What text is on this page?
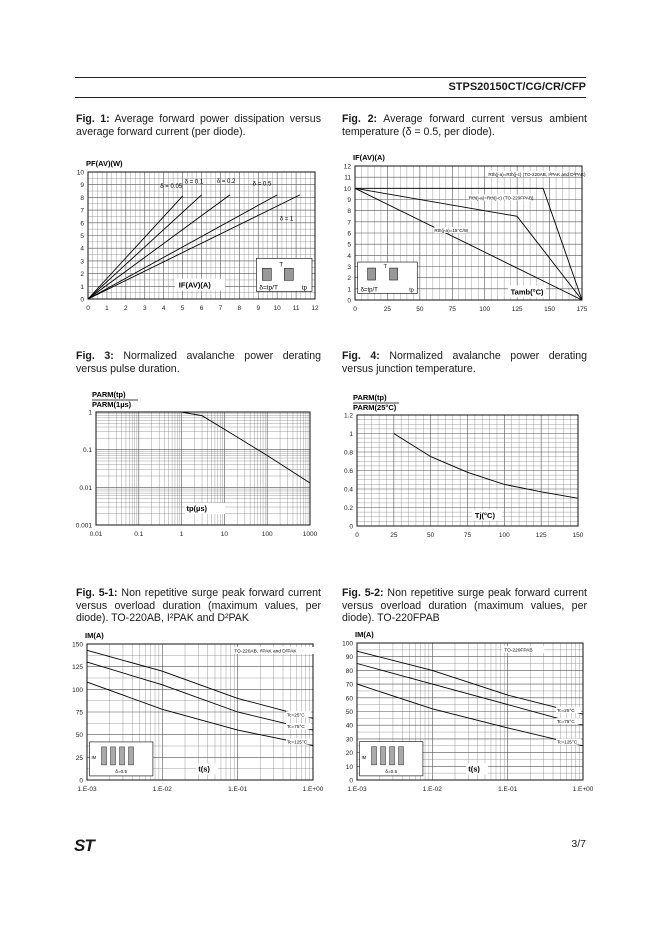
STPS20150CT/CG/CR/CFP
Fig. 1: Average forward power dissipation versus average forward current (per diode).
Fig. 2: Average forward current versus ambient temperature (δ = 0.5, per diode).
Fig. 3: Normalized avalanche power derating versus pulse duration.
Fig. 4: Normalized avalanche power derating versus junction temperature.
Fig. 5-1: Non repetitive surge peak forward current versus overload duration (maximum values, per diode). TO-220AB, I²PAK and D²PAK
Fig. 5-2: Non repetitive surge peak forward current versus overload duration (maximum values, per diode). TO-220FPAB
0 1 2 3 4 5 6 7 8 9 10 11 12
0
1
2
3
4
5
6
7
8
9
10
PF(AV)(W)
δ = 0.05
δ = 0.1 δ = 0.2	δ = 0.5
δ = 1
IF(AV)(A)
T
δ=tp/T	tp
0	25	50	75	100	125	150	175
0
1
2
3
4
5
6
7
8
9
10
11
12
IF(AV)(A)
Rth(j-a)=Rth(j-c) (TO-220AB, I²PAK and D²PAK)
Rth(j-a)=Rth(j-c) (TO-220FPAB)
Rth(j-a)=15°C/W
Tamb(°C)
T
δ=tp/T	tp
0.01	0.1	1	10	100	1000
0.001
0.01
0.1
1
PARM(tp)
PARM(1µs)
tp(µs)
0	25	50	75	100	125	150
0
0.2
0.4
0.6
0.8
1
1.2
PARM(tp)
PARM(25°C)
Tj(°C)
1.E-03	1.E-02	1.E-01	1.E+00
0
25
50
75
100
125
150
IM(A)
TO-220AB, I²PAK and D²PAK
Tc=25°C
Tc=75°C
Tc=125°C
t(s)
IM
δ=0.5
1.E-03	1.E-02	1.E-01	1.E+00
0
10
20
30
40
50
60
70
80
90
100
IM(A)
TO-220FPAB
Tc=25°C
Tc=75°C
Tc=125°C
t(s)
IM
δ=0.5
ST	3/7
